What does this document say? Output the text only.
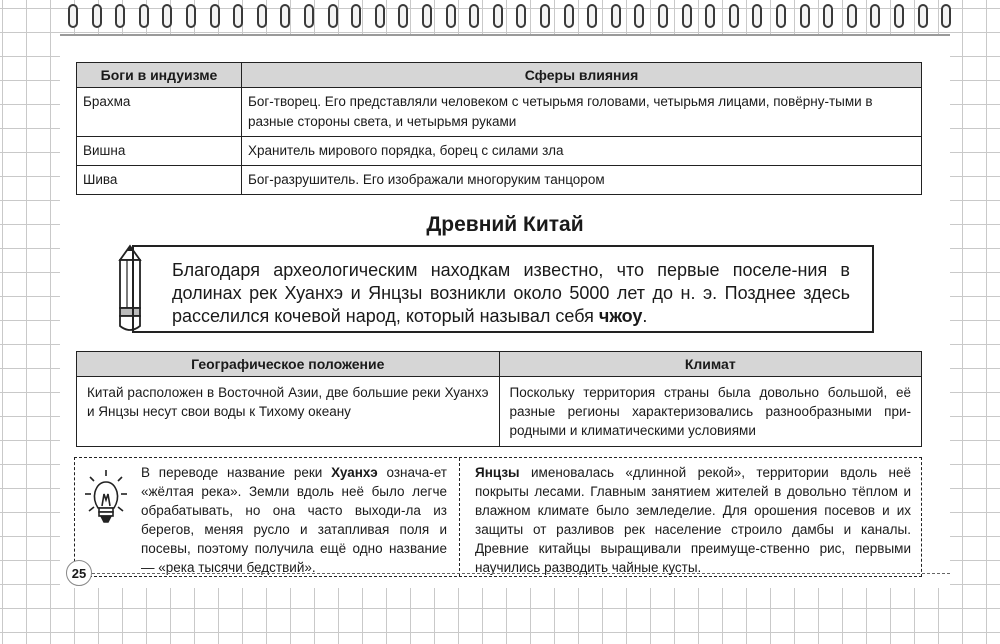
Боги в индуизме	Сферы влияния
Брахма	Бог-творец. Его представляли человеком с четырьмя головами, четырьмя лицами, повёрну-тыми в разные стороны света, и четырьмя руками
Вишна	Хранитель мирового порядка, борец с силами зла
Шива	Бог-разрушитель. Его изображали многоруким танцором
Древний Китай
Благодаря археологическим находкам известно, что первые поселе-ния в долинах рек Хуанхэ и Янцзы возникли около 5000 лет до н. э. Позднее здесь расселился кочевой народ, который называл себя чжоу.
Географическое положение	Климат
Китай расположен в Восточной Азии, две большие реки Хуанхэ и Янцзы несут свои воды к Тихому океану	Поскольку территория страны была довольно большой, её разные регионы характеризовались разнообразными при-родными и климатическими условиями
В переводе название реки Хуанхэ означа-ет «жёлтая река». Земли вдоль неё было легче обрабатывать, но она часто выходи-ла из берегов, меняя русло и затапливая поля и посевы, поэтому получила ещё одно название — «река тысячи бедствий».
Янцзы именовалась «длинной рекой», территории вдоль неё покрыты лесами. Главным занятием жителей в довольно тёплом и влажном климате было земледелие. Для орошения посевов и их защиты от разливов рек население строило дамбы и каналы. Древние китайцы выращивали преимуще-ственно рис, первыми научились разводить чайные кусты.
25
